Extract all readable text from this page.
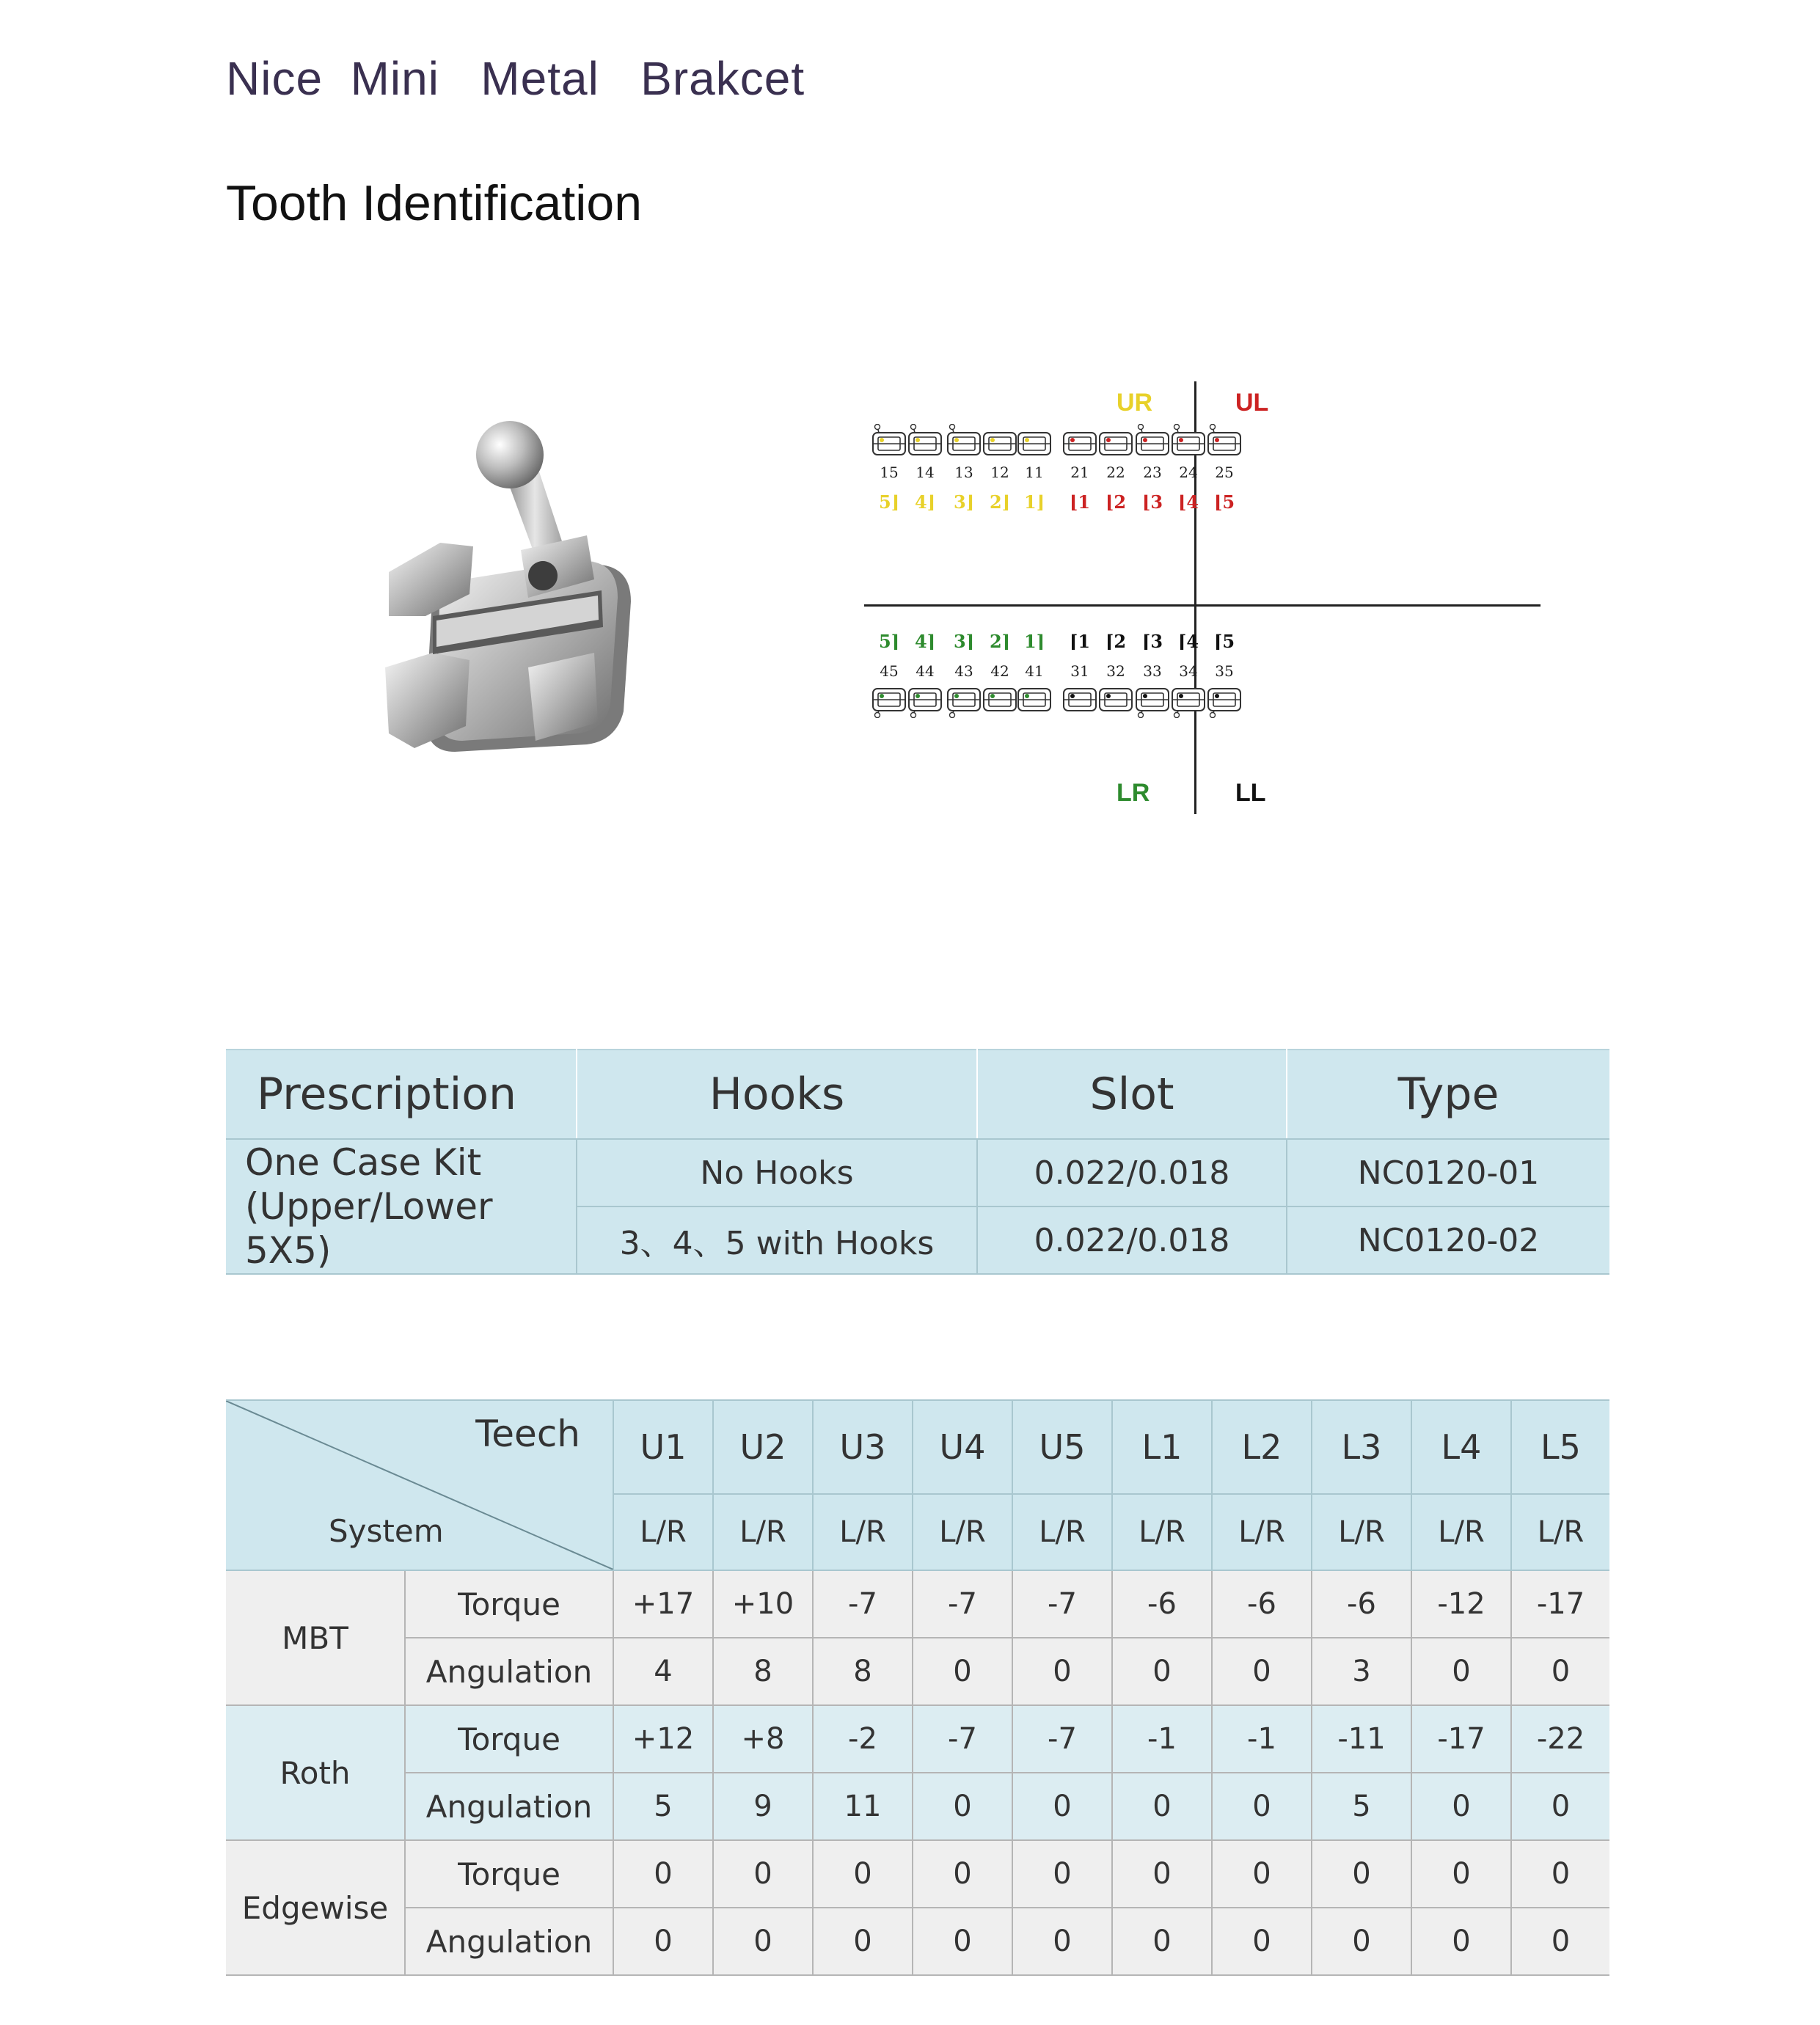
Nice  Mini   Metal   Brakcet
Tooth Identification
UR	UL
LR	LL
15
5⌋
14
4⌋
13
3⌋
12
2⌋
11
1⌋
21
⌊1
22
⌊2
23
⌊3
24
⌊4
25
⌊5
5⌉
45
4⌉
44
3⌉
43
2⌉
42
1⌉
41
⌈1
31
⌈2
32
⌈3
33
⌈4
34
⌈5
35
Prescription	Hooks	Slot	Type

One Case Kit
(Upper/Lower 5X5)	No Hooks	0.022/0.018	NC0120-01
	3、4、5 with Hooks	0.022/0.018	NC0120-02
Teech
System		U1	U2	U3	U4	U5	L1	L2	L3	L4	L5
		L/R	L/R	L/R	L/R	L/R	L/R	L/R	L/R	L/R	L/R
MBT	Torque	+17	+10	-7	-7	-7	-6	-6	-6	-12	-17
	Angulation	4	8	8	0	0	0	0	3	0	0
Roth	Torque	+12	+8	-2	-7	-7	-1	-1	-11	-17	-22
	Angulation	5	9	11	0	0	0	0	5	0	0
Edgewise	Torque	0	0	0	0	0	0	0	0	0	0
	Angulation	0	0	0	0	0	0	0	0	0	0
